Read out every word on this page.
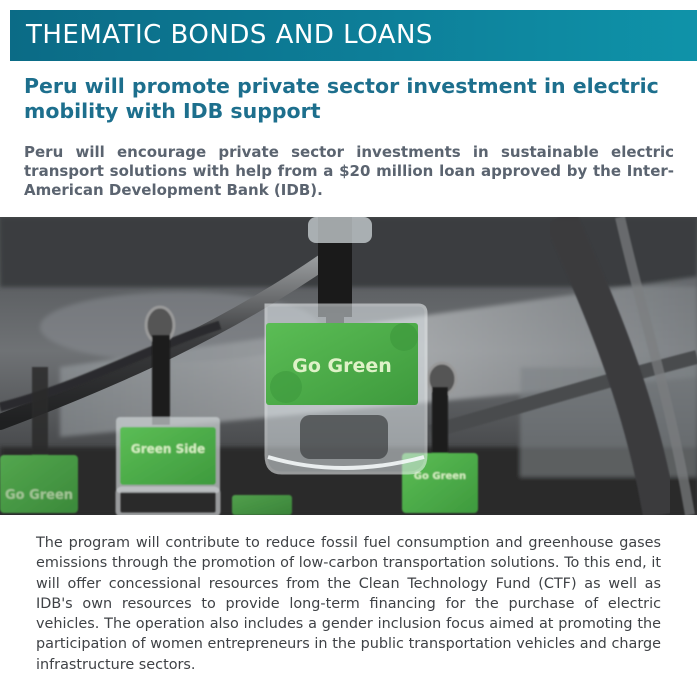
THEMATIC BONDS AND LOANS
Peru will promote private sector investment in electric mobility with IDB support

Peru will encourage private sector investments in sustainable electric transport solutions with help from a $20 million loan approved by the Inter-American Development Bank (IDB).

Go Green
Green Side
Go Green
Go Green

The program will contribute to reduce fossil fuel consumption and greenhouse gases emissions through the promotion of low-carbon transportation solutions. To this end, it will offer concessional resources from the Clean Technology Fund (CTF) as well as IDB's own resources to provide long-term financing for the purchase of electric vehicles. The operation also includes a gender inclusion focus aimed at promoting the participation of women entrepreneurs in the public transportation vehicles and charge infrastructure sectors.
